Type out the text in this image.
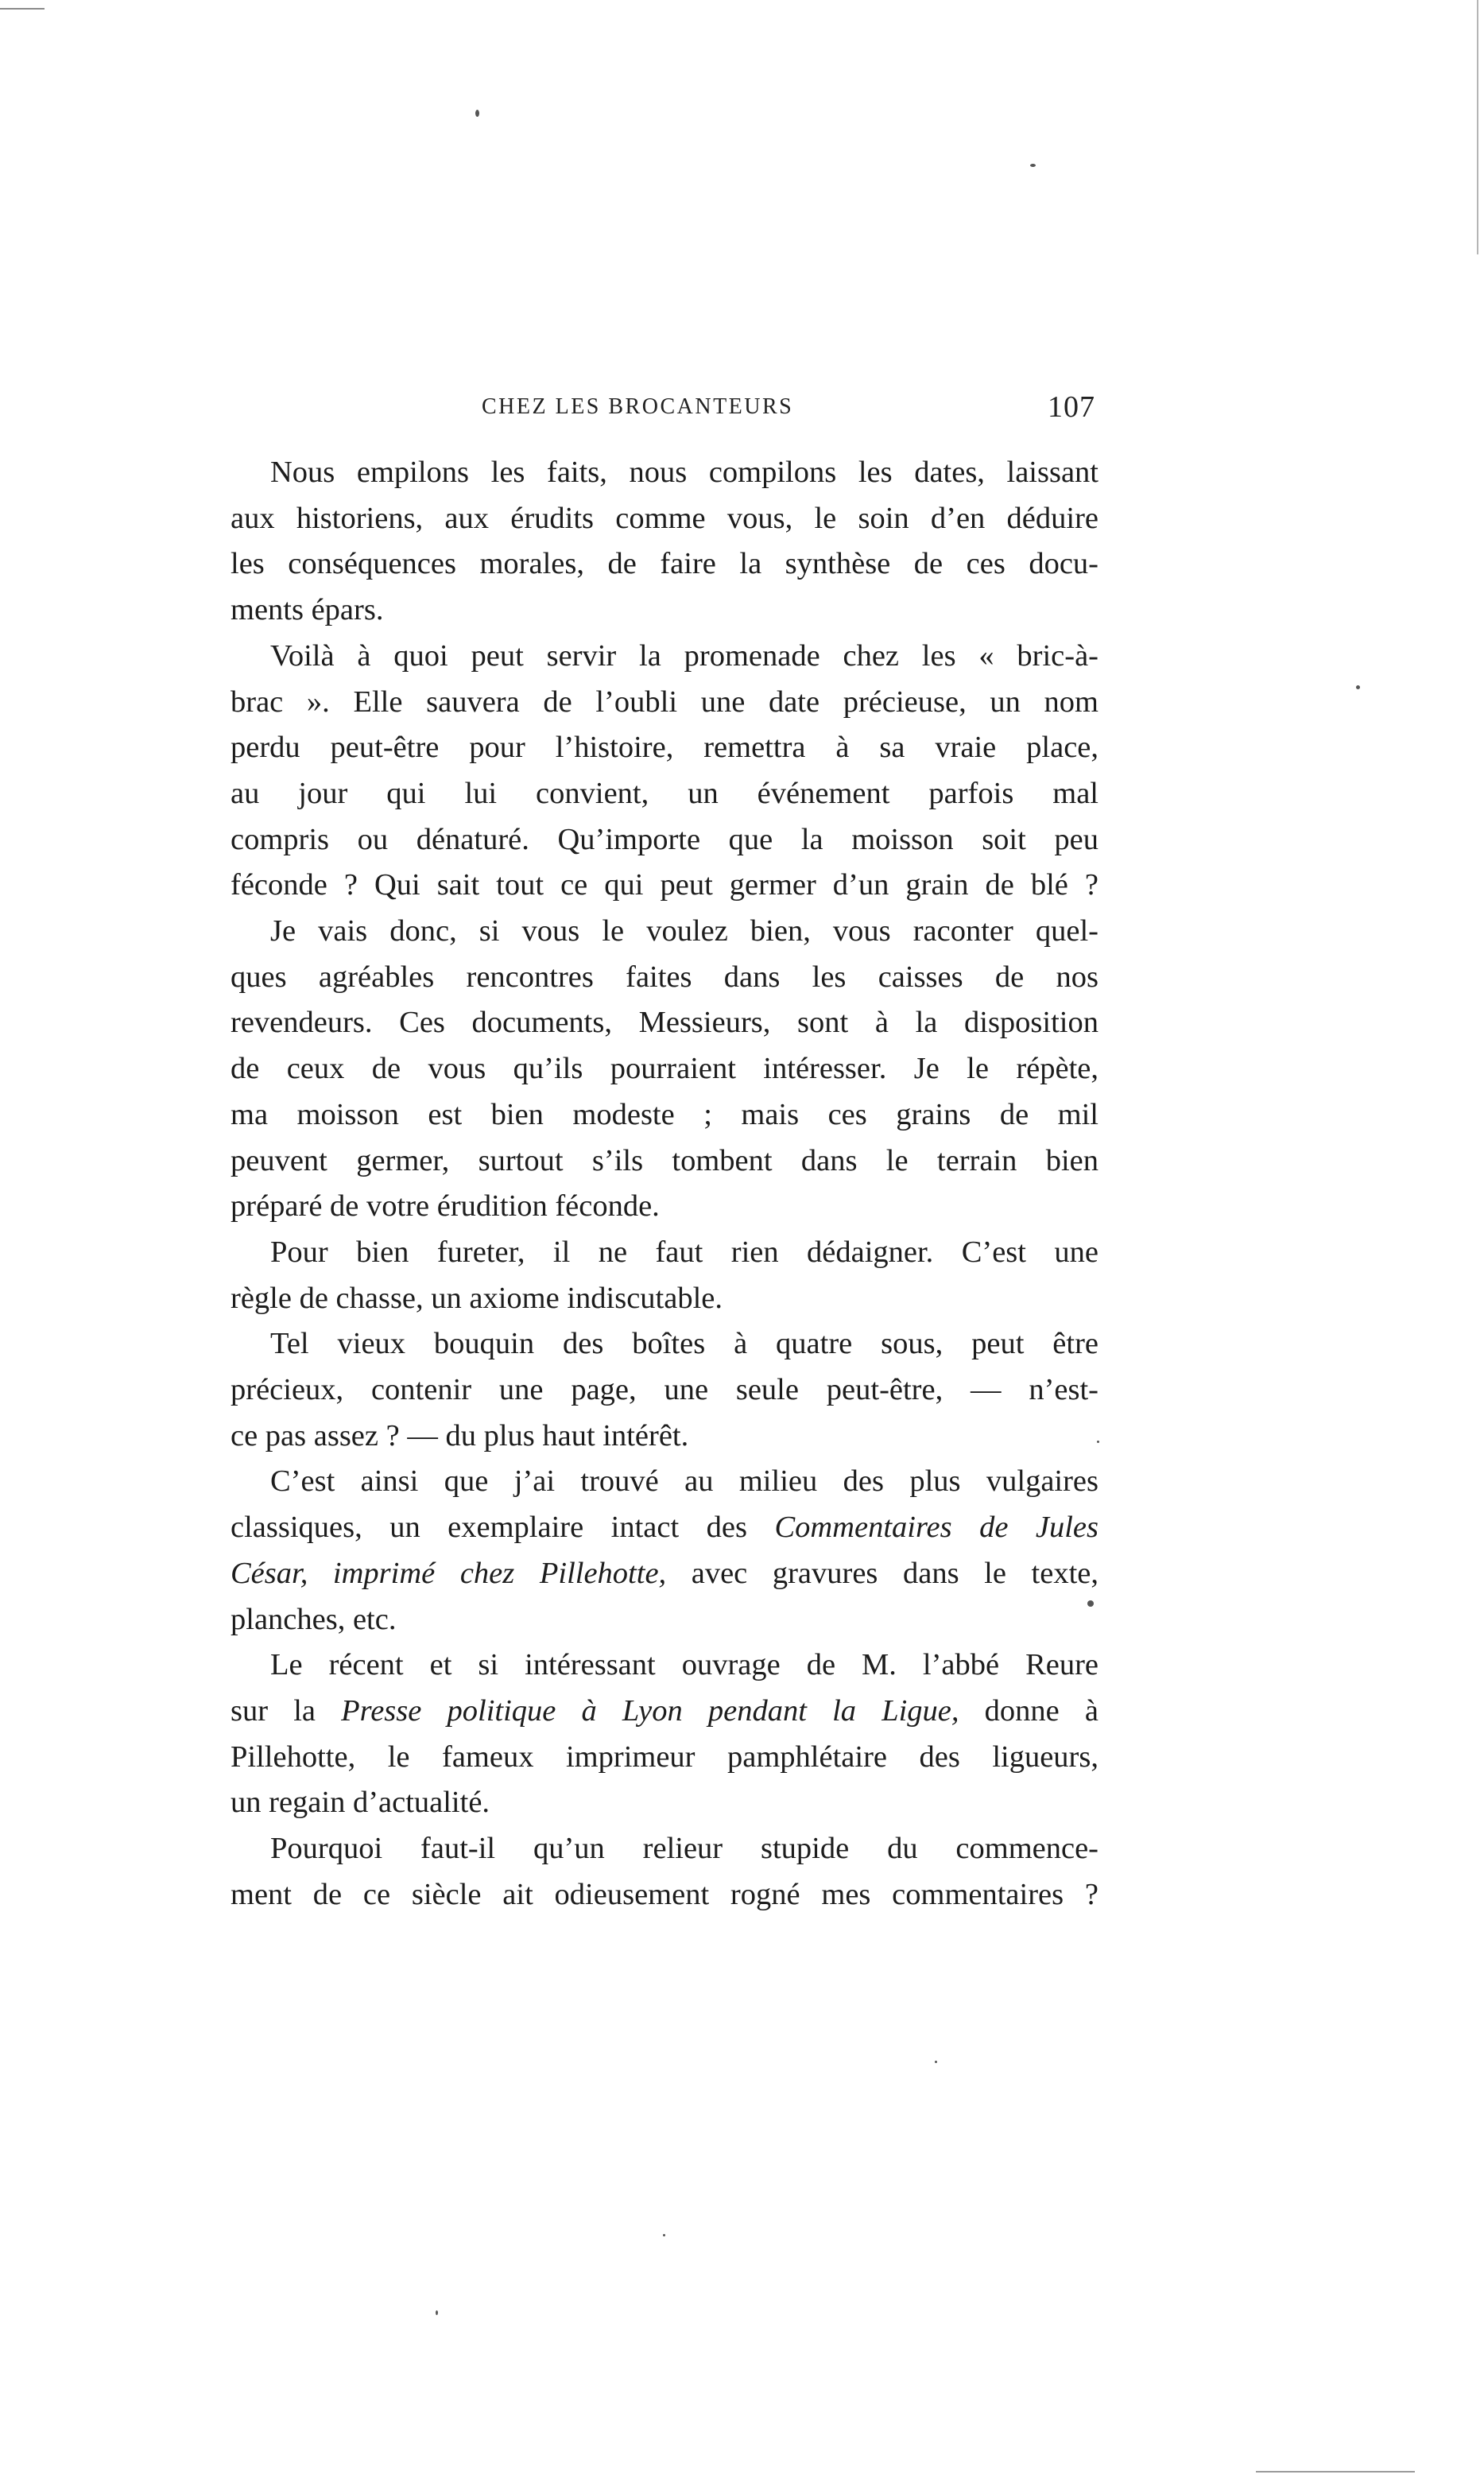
CHEZ LES BROCANTEURS	107

Nous empilons les faits, nous compilons les dates, laissant
aux historiens, aux érudits comme vous, le soin d’en déduire
les conséquences morales, de faire la synthèse de ces docu-
ments épars.

Voilà à quoi peut servir la promenade chez les « bric-à-
brac ». Elle sauvera de l’oubli une date précieuse, un nom
perdu peut-être pour l’histoire, remettra à sa vraie place,
au jour qui lui convient, un événement parfois mal
compris ou dénaturé. Qu’importe que la moisson soit peu
féconde ? Qui sait tout ce qui peut germer d’un grain de blé ?

Je vais donc, si vous le voulez bien, vous raconter quel-
ques agréables rencontres faites dans les caisses de nos
revendeurs. Ces documents, Messieurs, sont à la disposition
de ceux de vous qu’ils pourraient intéresser. Je le répète,
ma moisson est bien modeste ; mais ces grains de mil
peuvent germer, surtout s’ils tombent dans le terrain bien
préparé de votre érudition féconde.

Pour bien fureter, il ne faut rien dédaigner. C’est une
règle de chasse, un axiome indiscutable.

Tel vieux bouquin des boîtes à quatre sous, peut être
précieux, contenir une page, une seule peut-être, — n’est-
ce pas assez ? — du plus haut intérêt.

C’est ainsi que j’ai trouvé au milieu des plus vulgaires
classiques, un exemplaire intact des Commentaires de Jules
César, imprimé chez Pillehotte, avec gravures dans le texte,
planches, etc.

Le récent et si intéressant ouvrage de M. l’abbé Reure
sur la Presse politique à Lyon pendant la Ligue, donne à
Pillehotte, le fameux imprimeur pamphlétaire des ligueurs,
un regain d’actualité.

Pourquoi faut-il qu’un relieur stupide du commence-
ment de ce siècle ait odieusement rogné mes commentaires ?
